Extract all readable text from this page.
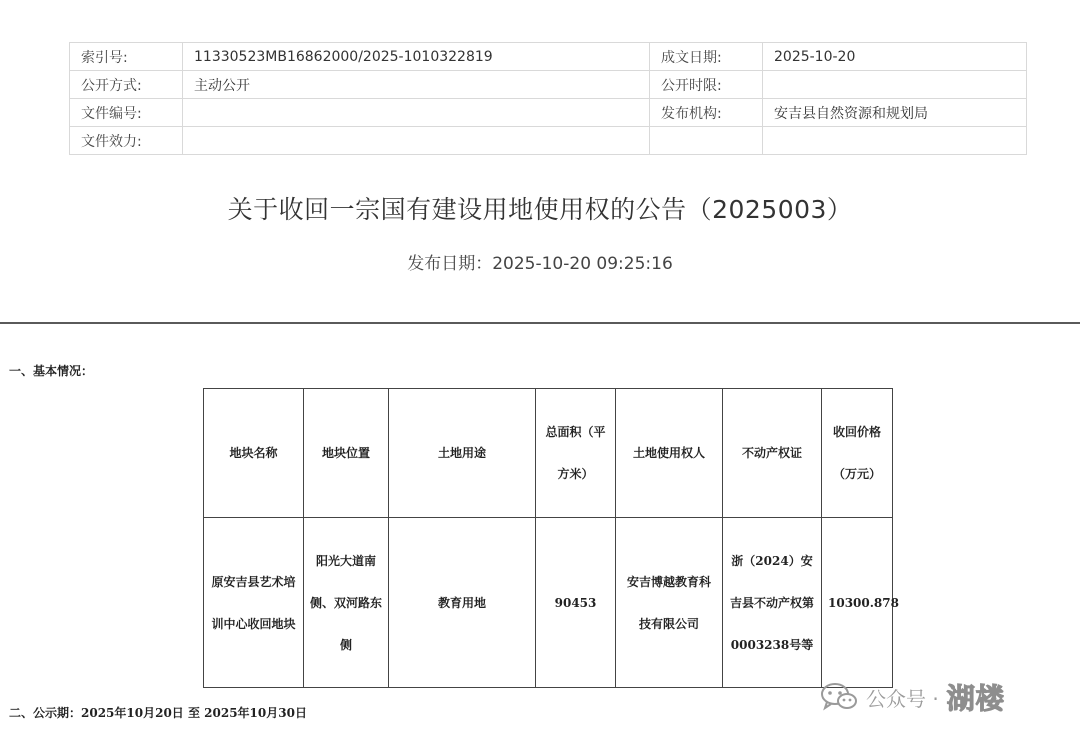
索引号:	11330523MB16862000/2025-1010322819	成文日期:	2025-10-20
公开方式:	主动公开	公开时限:	
文件编号:		发布机构:	安吉县自然资源和规划局
文件效力:			
关于收回一宗国有建设用地使用权的公告（2025003）
发布日期：2025-10-20 09:25:16
一、基本情况：
地块名称	地块位置	土地用途	总面积（平方米）	土地使用权人	不动产权证	收回价格（万元）
原安吉县艺术培训中心收回地块	阳光大道南侧、双河路东侧	教育用地	90453	安吉博越教育科技有限公司	浙（2024）安吉县不动产权第0003238号等	10300.878
二、公示期：2025年10月20日 至 2025年10月30日
公众号 · 湖楼
